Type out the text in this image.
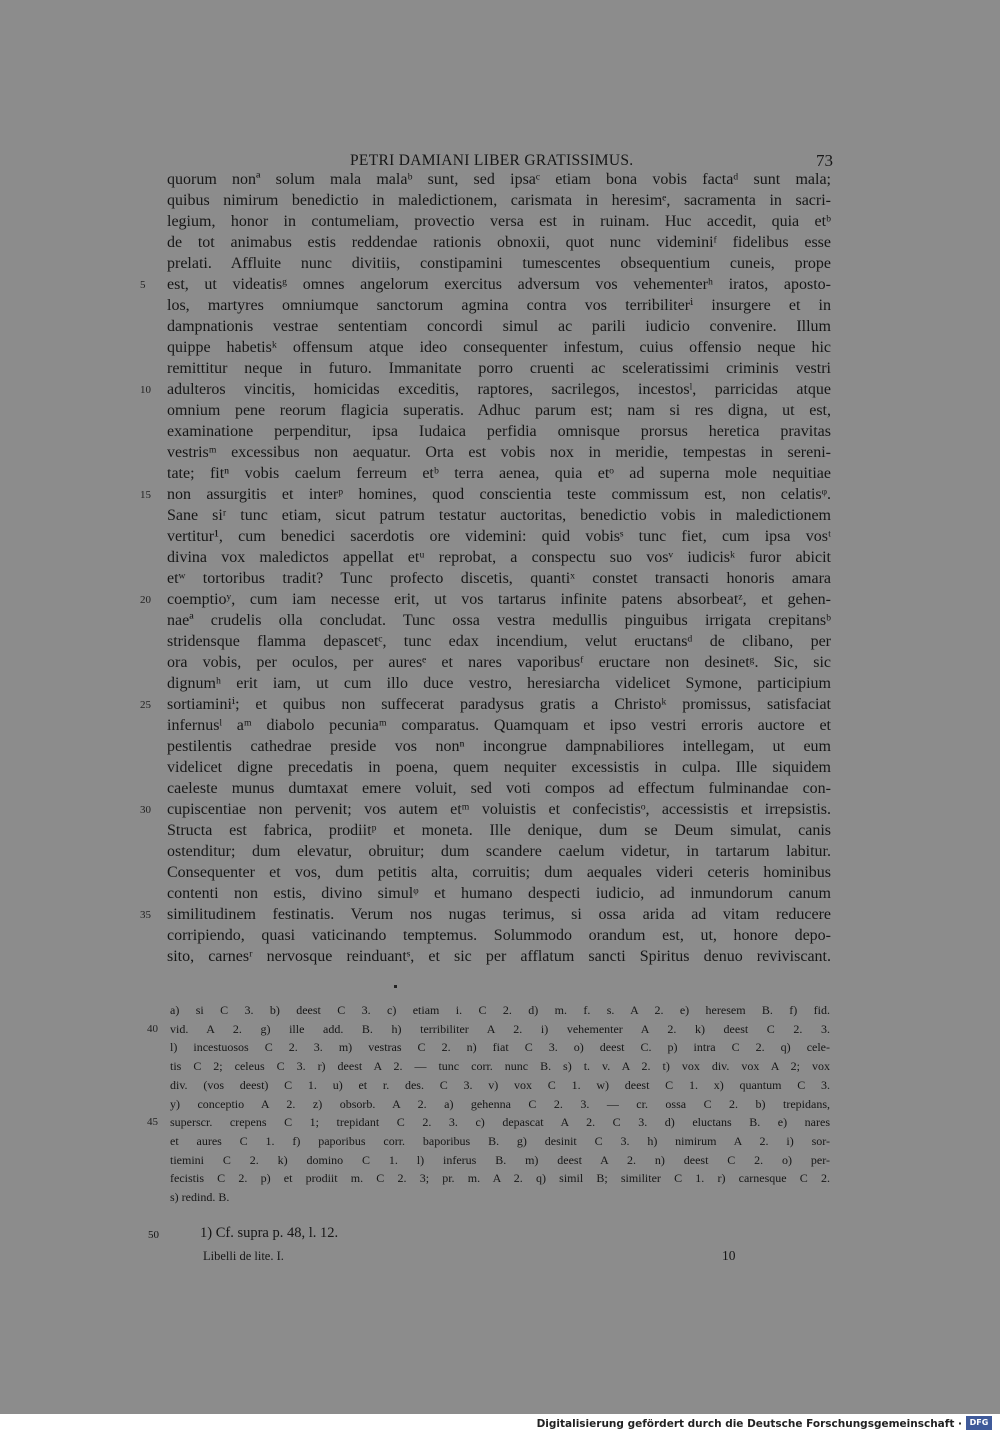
PETRI DAMIANI LIBER GRATISSIMUS.	73
quorum nonª solum mala malaᵇ sunt, sed ipsaᶜ etiam bona vobis factaᵈ sunt mala;
quibus nimirum benedictio in maledictionem, carismata in heresimᵉ, sacramenta in sacri-
legium, honor in contumeliam, provectio versa est in ruinam. Huc accedit, quia etᵇ
de tot animabus estis reddendae rationis obnoxii, quot nunc videminiᶠ fidelibus esse
prelati. Affluite nunc divitiis, constipamini tumescentes obsequentium cuneis, prope
est, ut videatisᵍ omnes angelorum exercitus adversum vos vehementerʰ iratos, aposto-
los, martyres omniumque sanctorum agmina contra vos terribiliterⁱ insurgere et in
dampnationis vestrae sententiam concordi simul ac parili iudicio convenire. Illum
quippe habetisᵏ offensum atque ideo consequenter infestum, cuius offensio neque hic
remittitur neque in futuro. Immanitate porro cruenti ac sceleratissimi criminis vestri
adulteros vincitis, homicidas exceditis, raptores, sacrilegos, incestosˡ, parricidas atque
omnium pene reorum flagicia superatis. Adhuc parum est; nam si res digna, ut est,
examinatione perpenditur, ipsa Iudaica perfidia omnisque prorsus heretica pravitas
vestrisᵐ excessibus non aequatur. Orta est vobis nox in meridie, tempestas in sereni-
tate; fitⁿ vobis caelum ferreum etᵇ terra aenea, quia etᵒ ad superna mole nequitiae
non assurgitis et interᵖ homines, quod conscientia teste commissum est, non celatisᵠ.
Sane siʳ tunc etiam, sicut patrum testatur auctoritas, benedictio vobis in maledictionem
vertitur¹, cum benedici sacerdotis ore videmini: quid vobisˢ tunc fiet, cum ipsa vosᵗ
divina vox maledictos appellat etᵘ reprobat, a conspectu suo vosᵛ iudicisᵏ furor abicit
etʷ tortoribus tradit? Tunc profecto discetis, quantiˣ constet transacti honoris amara
coemptioʸ, cum iam necesse erit, ut vos tartarus infinite patens absorbeatᶻ, et gehen-
naeª crudelis olla concludat. Tunc ossa vestra medullis pinguibus irrigata crepitansᵇ
stridensque flamma depascetᶜ, tunc edax incendium, velut eructansᵈ de clibano, per
ora vobis, per oculos, per auresᵉ et nares vaporibusᶠ eructare non desinetᵍ. Sic, sic
dignumʰ erit iam, ut cum illo duce vestro, heresiarcha videlicet Symone, participium
sortiaminiⁱ; et quibus non suffecerat paradysus gratis a Christoᵏ promissus, satisfaciat
infernusˡ aᵐ diabolo pecuniaᵐ comparatus. Quamquam et ipso vestri erroris auctore et
pestilentis cathedrae preside vos nonⁿ incongrue dampnabiliores intellegam, ut eum
videlicet digne precedatis in poena, quem nequiter excessistis in culpa. Ille siquidem
caeleste munus dumtaxat emere voluit, sed voti compos ad effectum fulminandae con-
cupiscentiae non pervenit; vos autem etᵐ voluistis et confecistisᵒ, accessistis et irrepsistis.
Structa est fabrica, prodiitᵖ et moneta. Ille denique, dum se Deum simulat, canis
ostenditur; dum elevatur, obruitur; dum scandere caelum videtur, in tartarum labitur.
Consequenter et vos, dum petitis alta, corruitis; dum aequales videri ceteris hominibus
contenti non estis, divino simulᵠ et humano despecti iudicio, ad inmundorum canum
similitudinem festinatis. Verum nos nugas terimus, si ossa arida ad vitam reducere
corripiendo, quasi vaticinando temptemus. Solummodo orandum est, ut, honore depo-
sito, carnesʳ nervosque reinduantˢ, et sic per afflatum sancti Spiritus denuo reviviscant.
5
10
15
20
25
30
35
a) si C 3. b) deest C 3. c) etiam i. C 2. d) m. f. s. A 2. e) heresem B. f) fid.
vid. A 2. g) ille add. B. h) terribiliter A 2. i) vehementer A 2. k) deest C 2. 3.
l) incestuosos C 2. 3. m) vestras C 2. n) fiat C 3. o) deest C. p) intra C 2. q) cele-
tis C 2; celeus C 3. r) deest A 2. — tunc corr. nunc B. s) t. v. A 2. t) vox div. vox A 2; vox
div. (vos deest) C 1. u) et r. des. C 3. v) vox C 1. w) deest C 1. x) quantum C 3.
y) conceptio A 2. z) obsorb. A 2. a) gehenna C 2. 3. — cr. ossa C 2. b) trepidans,
superscr. crepens C 1; trepidant C 2. 3. c) depascat A 2. C 3. d) eluctans B. e) nares
et aures C 1. f) paporibus corr. baporibus B. g) desinit C 3. h) nimirum A 2. i) sor-
tiemini C 2. k) domino C 1. l) inferus B. m) deest A 2. n) deest C 2. o) per-
fecistis C 2. p) et prodiit m. C 2. 3; pr. m. A 2. q) simil B; similiter C 1. r) carnesque C 2.
s) redind. B.
40
45
50	1) Cf. supra p. 48, l. 12.
Libelli de lite. I.	10
Digitalisierung gefördert durch die Deutsche Forschungsgemeinschaft · DFG
